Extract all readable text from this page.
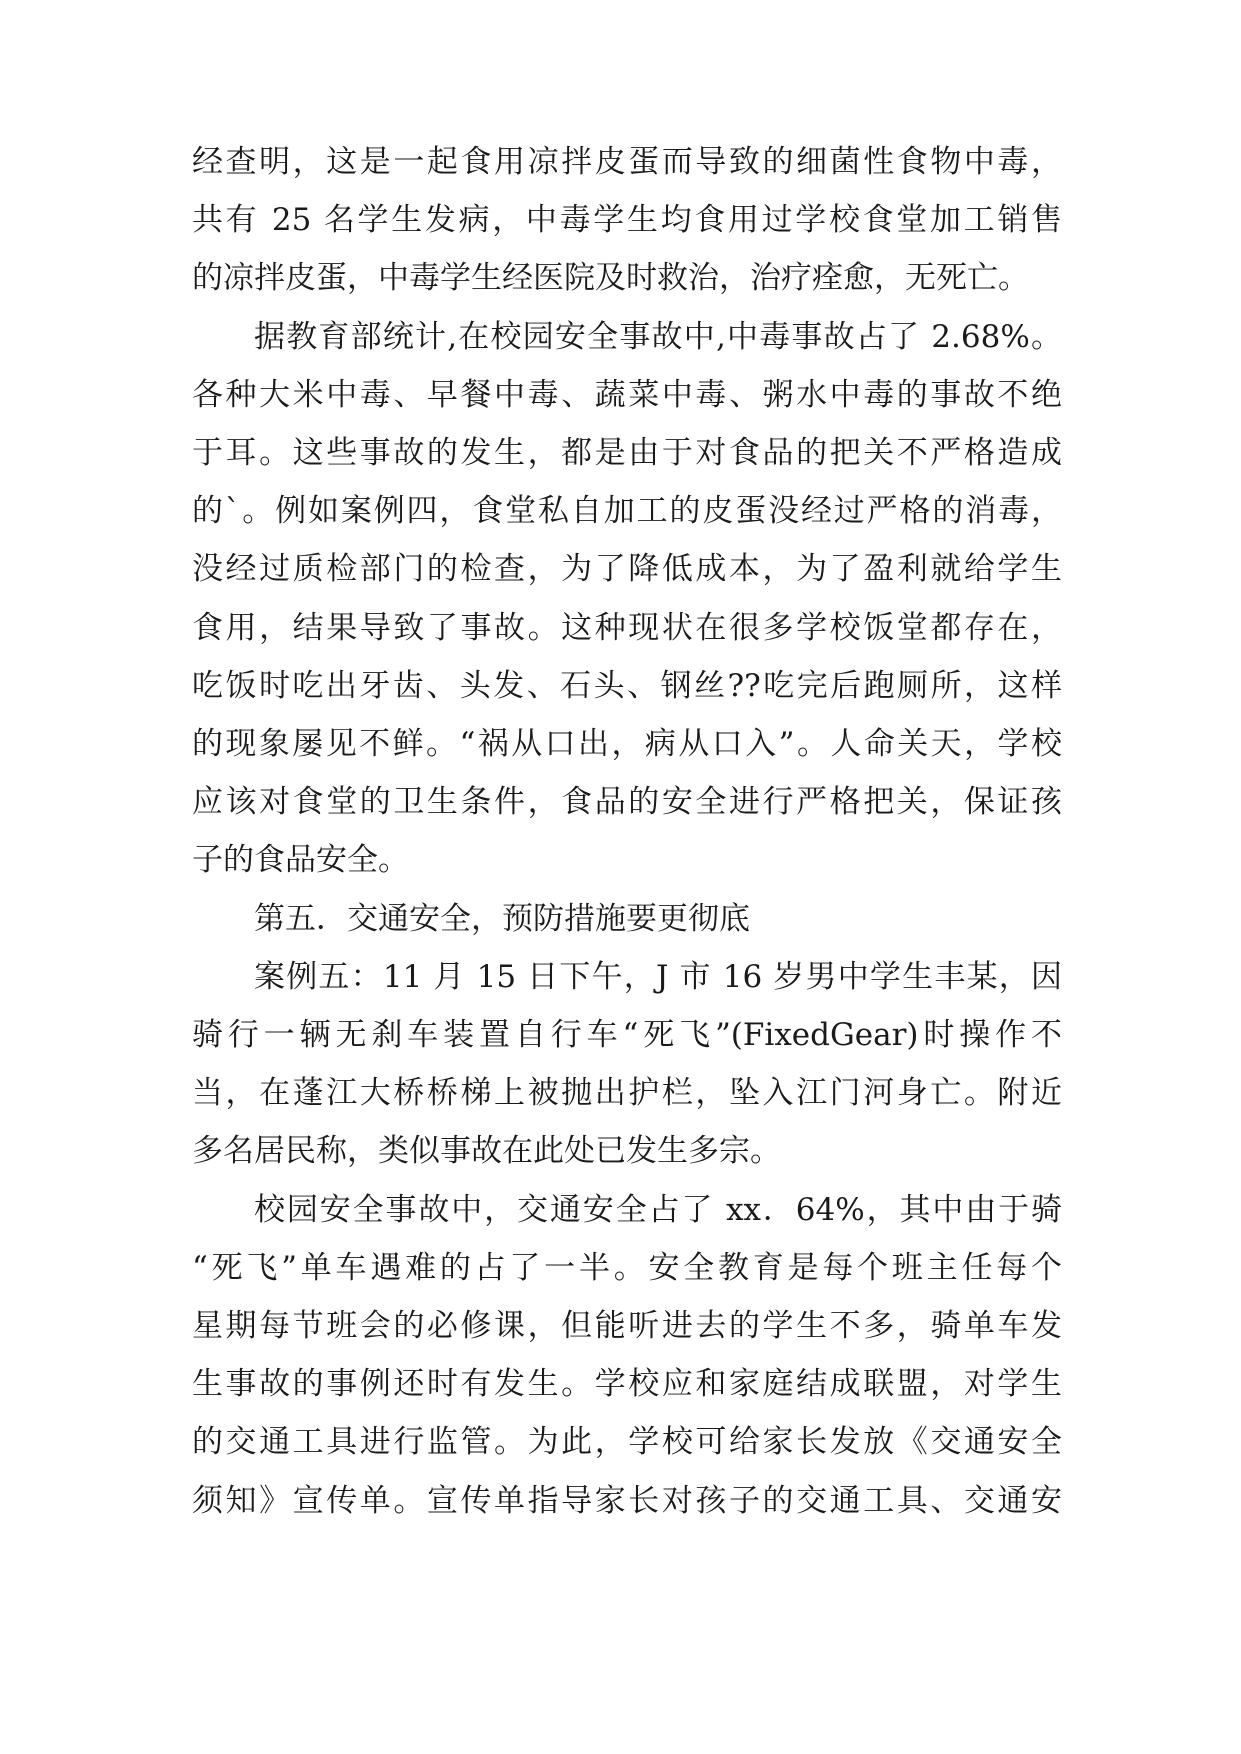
经查明，这是一起食用凉拌皮蛋而导致的细菌性食物中毒，
共有 25 名学生发病，中毒学生均食用过学校食堂加工销售
的凉拌皮蛋，中毒学生经医院及时救治，治疗痊愈，无死亡。
据教育部统计,在校园安全事故中,中毒事故占了 2.68%。
各种大米中毒、早餐中毒、蔬菜中毒、粥水中毒的事故不绝
于耳。这些事故的发生，都是由于对食品的把关不严格造成
的`。例如案例四，食堂私自加工的皮蛋没经过严格的消毒，
没经过质检部门的检查，为了降低成本，为了盈利就给学生
食用，结果导致了事故。这种现状在很多学校饭堂都存在，
吃饭时吃出牙齿、头发、石头、钢丝??吃完后跑厕所，这样
的现象屡见不鲜。“祸从口出，病从口入”。人命关天，学校
应该对食堂的卫生条件，食品的安全进行严格把关，保证孩
子的食品安全。
第五．交通安全，预防措施要更彻底
案例五：11 月 15 日下午，J 市 16 岁男中学生丰某，因
骑行一辆无刹车装置自行车“死飞”(FixedGear)时操作不
当，在蓬江大桥桥梯上被抛出护栏，坠入江门河身亡。附近
多名居民称，类似事故在此处已发生多宗。
校园安全事故中，交通安全占了 xx．64%，其中由于骑
“死飞”单车遇难的占了一半。安全教育是每个班主任每个
星期每节班会的必修课，但能听进去的学生不多，骑单车发
生事故的事例还时有发生。学校应和家庭结成联盟，对学生
的交通工具进行监管。为此，学校可给家长发放《交通安全
须知》宣传单。宣传单指导家长对孩子的交通工具、交通安
